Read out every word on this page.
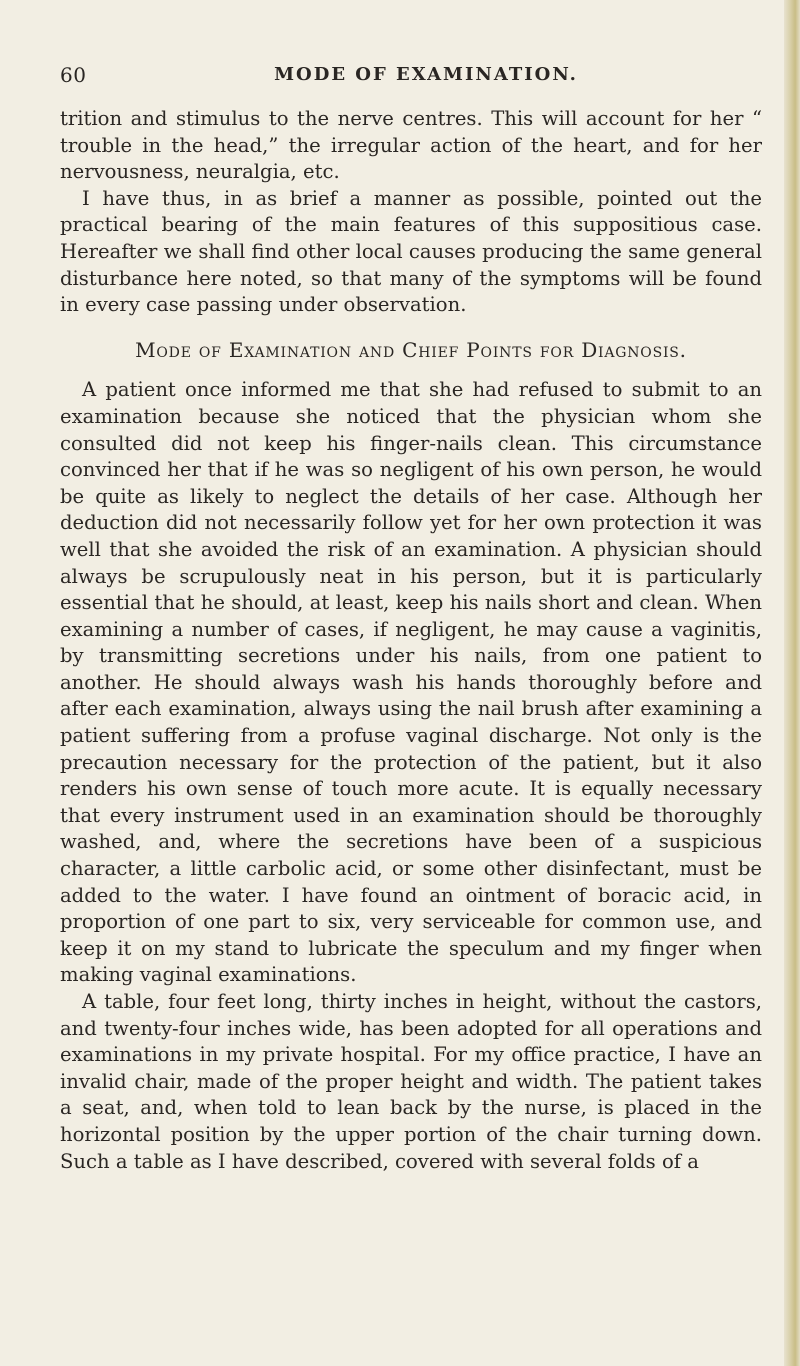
60	MODE OF EXAMINATION.

trition and stimulus to the nerve centres. This will account for her “ trouble in the head,” the irregular action of the heart, and for her nervousness, neuralgia, etc.

I have thus, in as brief a manner as possible, pointed out the practical bearing of the main features of this suppositious case. Hereafter we shall find other local causes producing the same general disturbance here noted, so that many of the symptoms will be found in every case passing under observation.

Mode of Examination and Chief Points for Diagnosis.

A patient once informed me that she had refused to submit to an examination because she noticed that the physician whom she consulted did not keep his finger-nails clean. This circumstance convinced her that if he was so negligent of his own person, he would be quite as likely to neglect the details of her case. Although her deduction did not necessarily follow yet for her own protection it was well that she avoided the risk of an examination. A physician should always be scrupulously neat in his person, but it is particularly essential that he should, at least, keep his nails short and clean. When examining a number of cases, if negligent, he may cause a vaginitis, by transmitting secretions under his nails, from one patient to another. He should always wash his hands thoroughly before and after each examination, always using the nail brush after examining a patient suffering from a profuse vaginal discharge. Not only is the precaution necessary for the protection of the patient, but it also renders his own sense of touch more acute. It is equally necessary that every instrument used in an examination should be thoroughly washed, and, where the secretions have been of a suspicious character, a little carbolic acid, or some other disinfectant, must be added to the water. I have found an ointment of boracic acid, in proportion of one part to six, very serviceable for common use, and keep it on my stand to lubricate the speculum and my finger when making vaginal examinations.

A table, four feet long, thirty inches in height, without the castors, and twenty-four inches wide, has been adopted for all operations and examinations in my private hospital. For my office practice, I have an invalid chair, made of the proper height and width. The patient takes a seat, and, when told to lean back by the nurse, is placed in the horizontal position by the upper portion of the chair turning down. Such a table as I have described, covered with several folds of a
